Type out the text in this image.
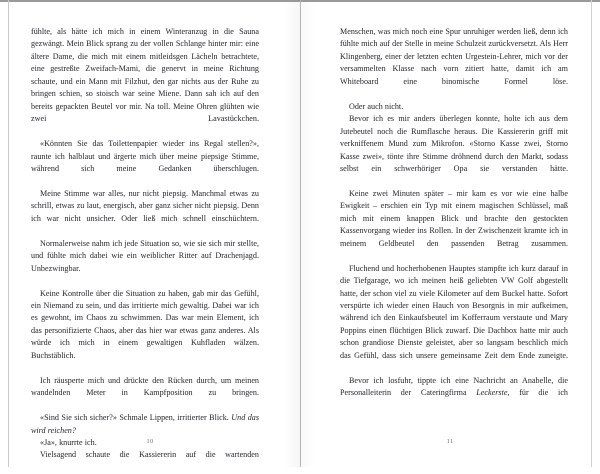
fühlte, als hätte ich mich in einem Winteranzug in die Sauna gezwängt. Mein Blick sprang zu der vollen Schlange hinter mir: eine ältere Dame, die mich mit einem mitleidsgen Lächeln betrachtete, eine gestreßte Zweifach-Mami, die genervt in meine Richtung schaute, und ein Mann mit Filzhut, den gar nichts aus der Ruhe zu bringen schien, so stoisch war seine Miene. Dann sah ich auf den bereits gepackten Beutel vor mir. Na toll. Meine Ohren glühten wie zwei Lavastückchen.

«Könnten Sie das Toilettenpapier wieder ins Regal stellen?», raunte ich halblaut und ärgerte mich über meine piepsige Stimme, während sich meine Gedanken überschlugen.

Meine Stimme war alles, nur nicht piepsig. Manchmal etwas zu schrill, etwas zu laut, energisch, aber ganz sicher nicht piepsig. Denn ich war nicht unsicher. Oder ließ mich schnell einschüchtern.

Normalerweise nahm ich jede Situation so, wie sie sich mir stellte, und fühlte mich dabei wie ein weiblicher Ritter auf Drachenjagd. Unbezwingbar.

Keine Kontrolle über die Situation zu haben, gab mir das Gefühl, ein Niemand zu sein, und das irritierte mich gewaltig. Dabei war ich es gewohnt, im Chaos zu schwimmen. Das war mein Element, ich das personifizierte Chaos, aber das hier war etwas ganz anderes. Als würde ich mich in einem gewaltigen Kuhfladen wälzen. Buchstäblich.

Ich räusperte mich und drückte den Rücken durch, um meinen wandelnden Meter in Kampfposition zu bringen.

«Sind Sie sich sicher?» Schmale Lippen, irritierter Blick. Und das wird reichen?

«Ja», knurrte ich.

Vielsagend schaute die Kassiererin auf die wartenden

10

Menschen, was mich noch eine Spur unruhiger werden ließ, denn ich fühlte mich auf der Stelle in meine Schulzeit zurückversetzt. Als Herr Klingenberg, einer der letzten echten Urgestein-Lehrer, mich vor der versammelten Klasse nach vorn zitiert hatte, damit ich am Whiteboard eine binomische Formel löse.

Oder auch nicht.

Bevor ich es mir anders überlegen konnte, holte ich aus dem Jutebeutel noch die Rumflasche heraus. Die Kassiererin griff mit verkniffenem Mund zum Mikrofon. «Storno Kasse zwei, Storno Kasse zwei», tönte ihre Stimme dröhnend durch den Markt, sodass selbst ein schwerhöriger Opa sie verstanden hätte.

Keine zwei Minuten später – mir kam es vor wie eine halbe Ewigkeit – erschien ein Typ mit einem magischen Schlüssel, maß mich mit einem knappen Blick und brachte den gestockten Kassenvorgang wieder ins Rollen. In der Zwischenzeit kramte ich in meinem Geldbeutel den passenden Betrag zusammen.

Fluchend und hocherhobenen Hauptes stampfte ich kurz darauf in die Tiefgarage, wo ich meinen heiß geliebten VW Golf abgestellt hatte, der schon viel zu viele Kilometer auf dem Buckel hatte. Sofort verspürte ich wieder einen Hauch von Besorgnis in mir aufkeimen, während ich den Einkaufsbeutel im Kofferraum verstaute und Mary Poppins einen flüchtigen Blick zuwarf. Die Dachbox hatte mir auch schon grandiose Dienste geleistet, aber so langsam beschlich mich das Gefühl, dass sich unsere gemeinsame Zeit dem Ende zuneigte.

Bevor ich losfuhr, tippte ich eine Nachricht an Anabelle, die Personalleiterin der Cateringfirma Leckerste, für die ich

11
